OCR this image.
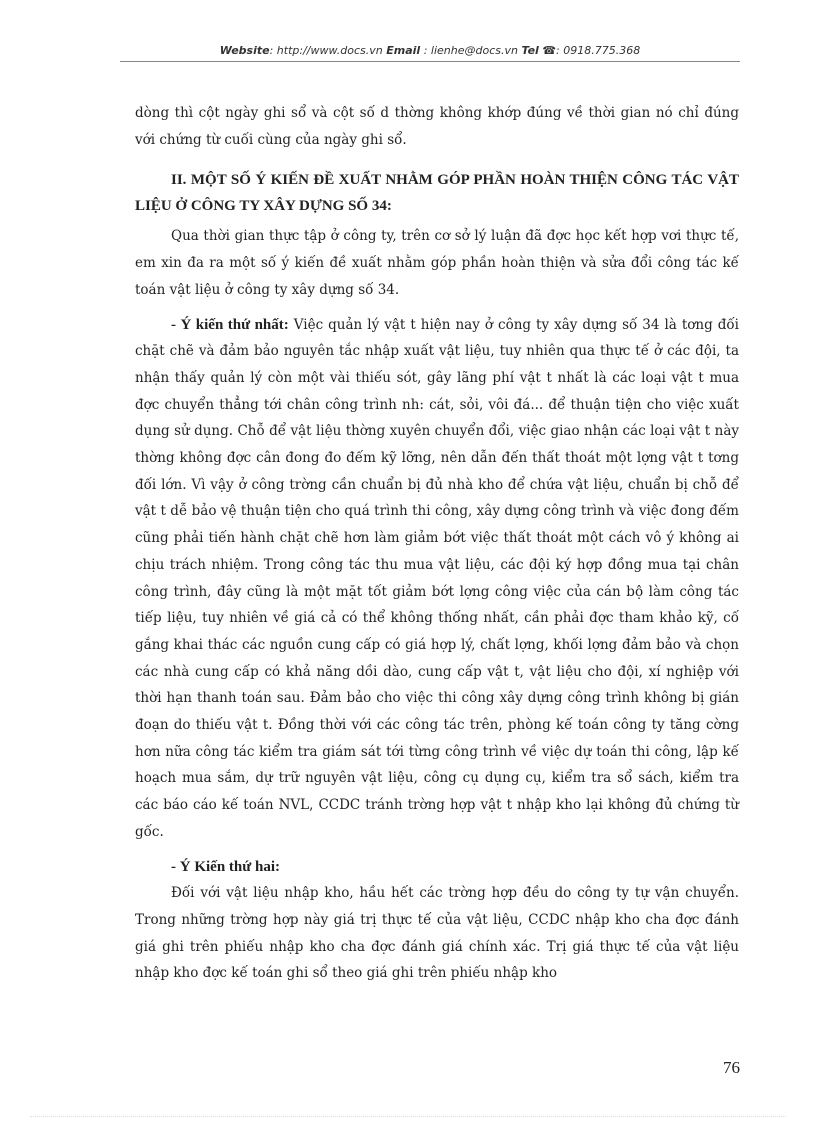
Website: http://www.docs.vn Email : lienhe@docs.vn Tel ☎: 0918.775.368

dòng thì cột ngày ghi sổ và cột số d thờng không khớp đúng về thời gian nó chỉ đúng với chứng từ cuối cùng của ngày ghi sổ.

II. MỘT SỐ Ý KIẾN ĐỀ XUẤT NHẰM GÓP PHẦN HOÀN THIỆN CÔNG TÁC VẬT LIỆU Ở CÔNG TY XÂY DỰNG SỐ 34:

Qua thời gian thực tập ở công ty, trên cơ sở lý luận đã đợc học kết hợp vơi thực tế, em xin đa ra một số ý kiến đề xuất nhằm góp phần hoàn thiện và sửa đổi công tác kế toán vật liệu ở công ty xây dựng số 34.

- Ý kiến thứ nhất: Việc quản lý vật t hiện nay ở công ty xây dựng số 34 là tơng đối chặt chẽ và đảm bảo nguyên tắc nhập xuất vật liệu, tuy nhiên qua thực tế ở các đội, ta nhận thấy quản lý còn một vài thiếu sót, gây lãng phí vật t nhất là các loại vật t mua đợc chuyển thẳng tới chân công trình nh: cát, sỏi, vôi đá... để thuận tiện cho việc xuất dụng sử dụng. Chỗ để vật liệu thờng xuyên chuyển đổi, việc giao nhận các loại vật t này thờng không đợc cân đong đo đếm kỹ lỡng, nên dẫn đến thất thoát một lợng vật t tơng đối lớn. Vì vậy ở công trờng cần chuẩn bị đủ nhà kho để chứa vật liệu, chuẩn bị chỗ để vật t dễ bảo vệ thuận tiện cho quá trình thi công, xây dựng công trình và việc đong đếm cũng phải tiến hành chặt chẽ hơn làm giảm bớt việc thất thoát một cách vô ý không ai chịu trách nhiệm. Trong công tác thu mua vật liệu, các đội ký hợp đồng mua tại chân công trình, đây cũng là một mặt tốt giảm bớt lợng công việc của cán bộ làm công tác tiếp liệu, tuy nhiên về giá cả có thể không thống nhất, cần phải đợc tham khảo kỹ, cố gắng khai thác các nguồn cung cấp có giá hợp lý, chất lợng, khối lợng đảm bảo và chọn các nhà cung cấp có khả năng dồi dào, cung cấp vật t, vật liệu cho đội, xí nghiệp với thời hạn thanh toán sau. Đảm bảo cho việc thi công xây dựng công trình không bị gián đoạn do thiếu vật t. Đồng thời với các công tác trên, phòng kế toán công ty tăng cờng hơn nữa công tác kiểm tra giám sát tới từng công trình về việc dự toán thi công, lập kế hoạch mua sắm, dự trữ nguyên vật liệu, công cụ dụng cụ, kiểm tra sổ sách, kiểm tra các báo cáo kế toán NVL, CCDC tránh trờng hợp vật t nhập kho lại không đủ chứng từ gốc.

- Ý Kiến thứ hai:

Đối với vật liệu nhập kho, hầu hết các trờng hợp đều do công ty tự vận chuyển. Trong những trờng hợp này giá trị thực tế của vật liệu, CCDC nhập kho cha đợc đánh giá ghi trên phiếu nhập kho cha đợc đánh giá chính xác. Trị giá thực tế của vật liệu nhập kho đợc kế toán ghi sổ theo giá ghi trên phiếu nhập kho

76
